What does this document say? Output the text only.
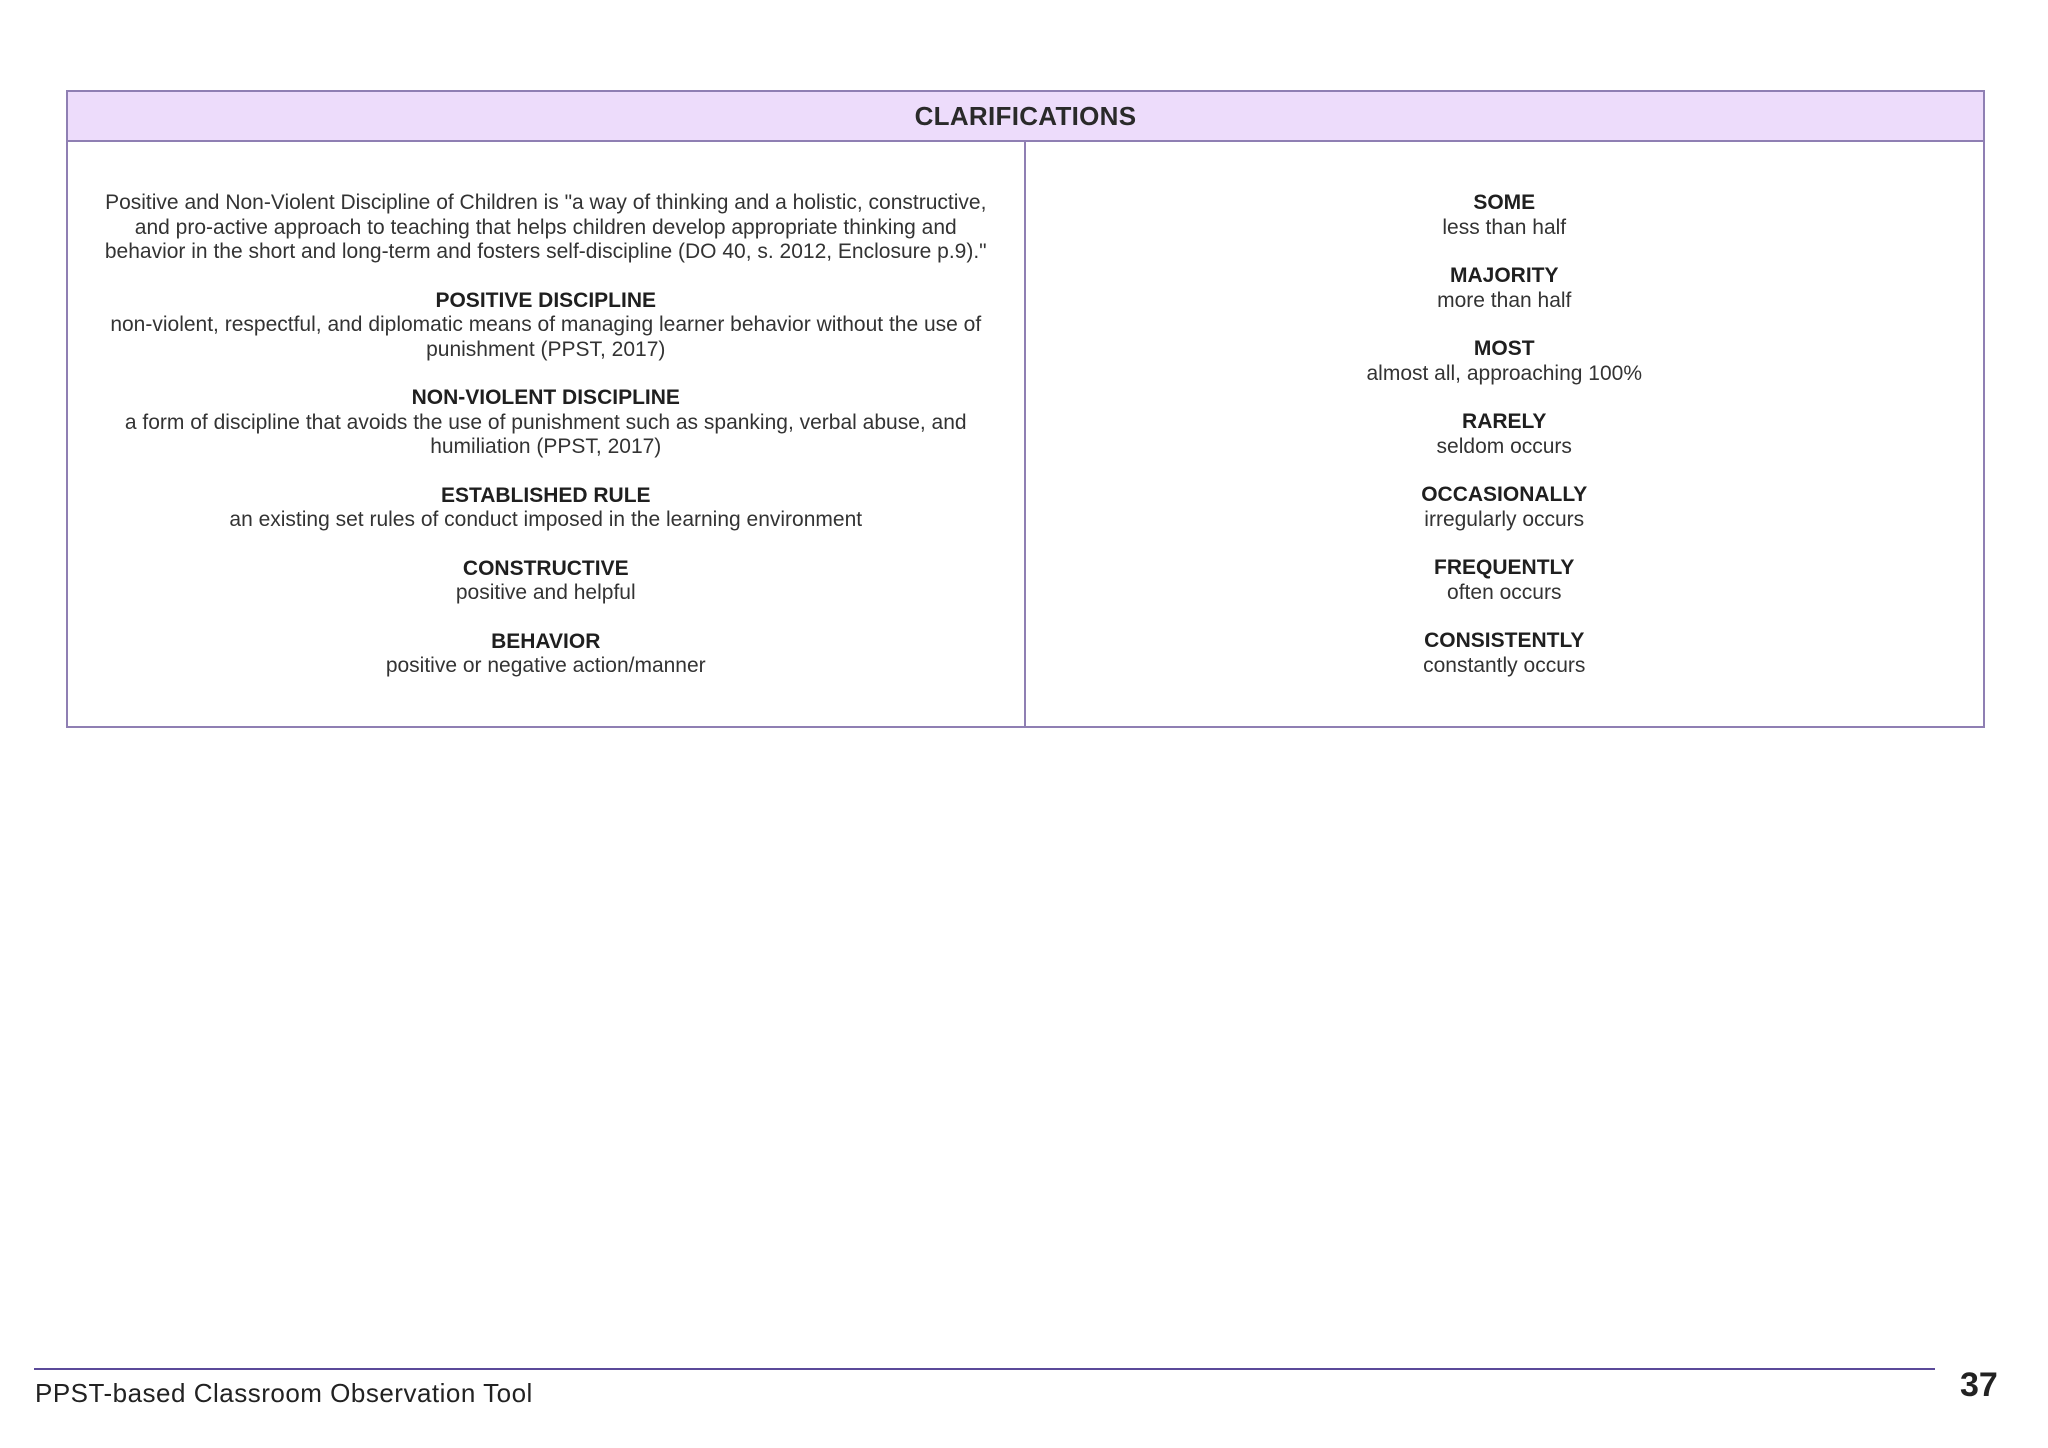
CLARIFICATIONS

Positive and Non-Violent Discipline of Children is "a way of thinking and a holistic, constructive, and pro-active approach to teaching that helps children develop appropriate thinking and behavior in the short and long-term and fosters self-discipline (DO 40, s. 2012, Enclosure p.9)."

POSITIVE DISCIPLINE
non-violent, respectful, and diplomatic means of managing learner behavior without the use of punishment (PPST, 2017)
NON-VIOLENT DISCIPLINE
a form of discipline that avoids the use of punishment such as spanking, verbal abuse, and humiliation (PPST, 2017)
ESTABLISHED RULE
an existing set rules of conduct imposed in the learning environment
CONSTRUCTIVE
positive and helpful
BEHAVIOR
positive or negative action/manner
SOME
less than half
MAJORITY
more than half
MOST
almost all, approaching 100%
RARELY
seldom occurs
OCCASIONALLY
irregularly occurs
FREQUENTLY
often occurs
CONSISTENTLY
constantly occurs
PPST-based Classroom Observation Tool	37
